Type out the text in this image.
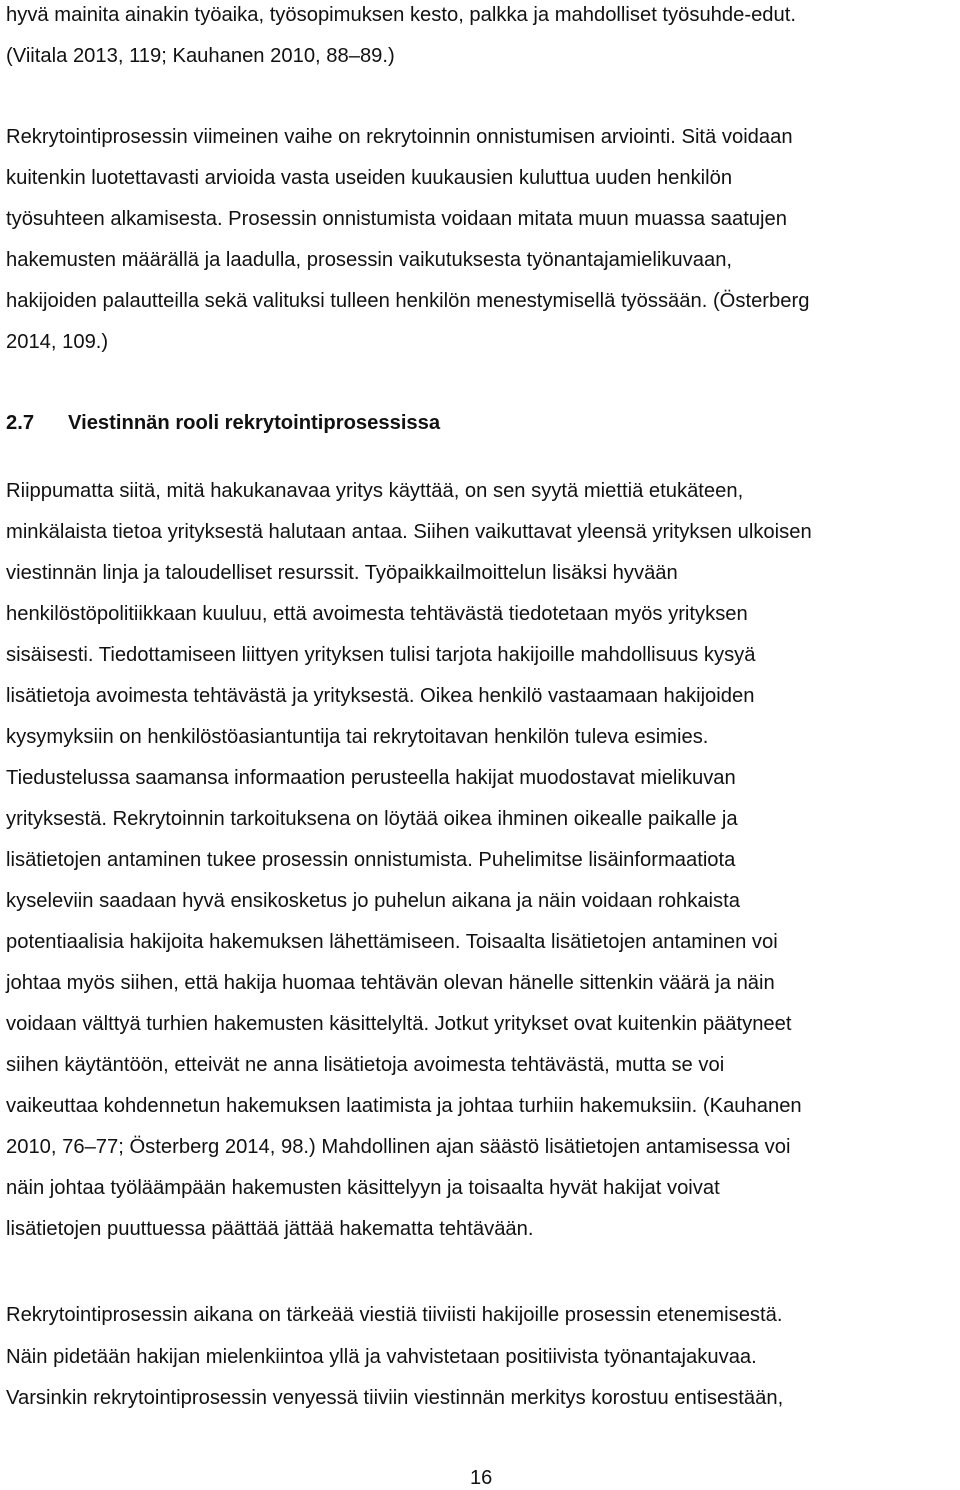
hyvä mainita ainakin työaika, työsopimuksen kesto, palkka ja mahdolliset työsuhde-edut.
(Viitala 2013, 119; Kauhanen 2010, 88–89.)
Rekrytointiprosessin viimeinen vaihe on rekrytoinnin onnistumisen arviointi. Sitä voidaan
kuitenkin luotettavasti arvioida vasta useiden kuukausien kuluttua uuden henkilön
työsuhteen alkamisesta. Prosessin onnistumista voidaan mitata muun muassa saatujen
hakemusten määrällä ja laadulla, prosessin vaikutuksesta työnantajamielikuvaan,
hakijoiden palautteilla sekä valituksi tulleen henkilön menestymisellä työssään. (Österberg
2014, 109.)
2.7 Viestinnän rooli rekrytointiprosessissa
Riippumatta siitä, mitä hakukanavaa yritys käyttää, on sen syytä miettiä etukäteen,
minkälaista tietoa yrityksestä halutaan antaa. Siihen vaikuttavat yleensä yrityksen ulkoisen
viestinnän linja ja taloudelliset resurssit. Työpaikkailmoittelun lisäksi hyvään
henkilöstöpolitiikkaan kuuluu, että avoimesta tehtävästä tiedotetaan myös yrityksen
sisäisesti. Tiedottamiseen liittyen yrityksen tulisi tarjota hakijoille mahdollisuus kysyä
lisätietoja avoimesta tehtävästä ja yrityksestä. Oikea henkilö vastaamaan hakijoiden
kysymyksiin on henkilöstöasiantuntija tai rekrytoitavan henkilön tuleva esimies.
Tiedustelussa saamansa informaation perusteella hakijat muodostavat mielikuvan
yrityksestä. Rekrytoinnin tarkoituksena on löytää oikea ihminen oikealle paikalle ja
lisätietojen antaminen tukee prosessin onnistumista. Puhelimitse lisäinformaatiota
kyseleviin saadaan hyvä ensikosketus jo puhelun aikana ja näin voidaan rohkaista
potentiaalisia hakijoita hakemuksen lähettämiseen. Toisaalta lisätietojen antaminen voi
johtaa myös siihen, että hakija huomaa tehtävän olevan hänelle sittenkin väärä ja näin
voidaan välttyä turhien hakemusten käsittelyltä. Jotkut yritykset ovat kuitenkin päätyneet
siihen käytäntöön, etteivät ne anna lisätietoja avoimesta tehtävästä, mutta se voi
vaikeuttaa kohdennetun hakemuksen laatimista ja johtaa turhiin hakemuksiin. (Kauhanen
2010, 76–77; Österberg 2014, 98.) Mahdollinen ajan säästö lisätietojen antamisessa voi
näin johtaa työläämpään hakemusten käsittelyyn ja toisaalta hyvät hakijat voivat
lisätietojen puuttuessa päättää jättää hakematta tehtävään.
Rekrytointiprosessin aikana on tärkeää viestiä tiiviisti hakijoille prosessin etenemisestä.
Näin pidetään hakijan mielenkiintoa yllä ja vahvistetaan positiivista työnantajakuvaa.
Varsinkin rekrytointiprosessin venyessä tiiviin viestinnän merkitys korostuu entisestään,
16
